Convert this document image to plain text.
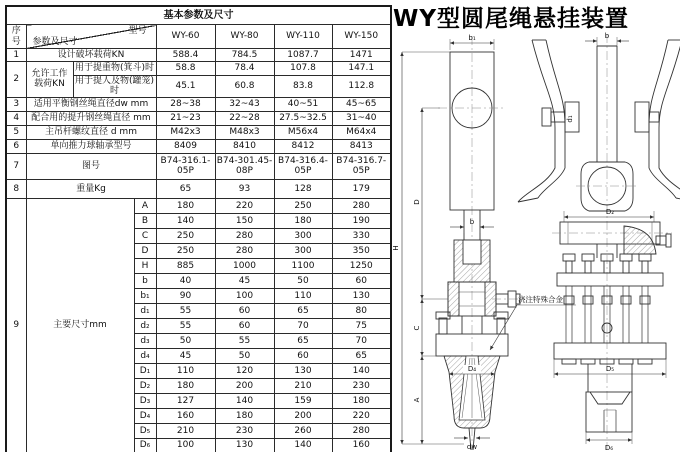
基本参数及尺寸							
序号	型号
参数及尺寸			WY-60	WY-80	WY-110	WY-150
1	设计破坏载荷KN			588.4	784.5	1087.7	1471
2	允许工作载荷KN	用于提重物(箕斗)时		58.8	78.4	107.8	147.1
		用于提人及物(罐笼)时		45.1	60.8	83.8	112.8
3	适用平衡钢丝绳直径dw mm			28~38	32~43	40~51	45~65
4	配合用的提升钢丝绳直径 mm			21~23	22~28	27.5~32.5	31~40
5	主吊杆螺纹直径 d mm			M42x3	M48x3	M56x4	M64x4
6	单向推力球轴承型号			8409	8410	8412	8413
7	图号			B74-316.1-05P	B74-301.45-08P	B74-316.4-05P	B74-316.7-05P
8	重量Kg			65	93	128	179
9	主要尺寸mm		A	180	220	250	280
			B	140	150	180	190
			C	250	280	300	330
			D	250	280	300	350
			H	885	1000	1100	1250
			b	40	45	50	60
			b₁	90	100	110	130
			d₁	55	60	65	80
			d₂	55	60	70	75
			d₃	50	55	65	70
			d₄	45	50	60	65
			D₁	110	120	130	140
			D₂	180	200	210	230
			D₃	127	140	159	180
			D₄	160	180	200	220
			D₅	210	230	260	280
			D₆	100	130	140	160
WY型圆尾绳悬挂装置
b₁
b
D₄
dw
H
D
C
A
浇注特殊合金
b
d₁
D₂
D₅
D₆
